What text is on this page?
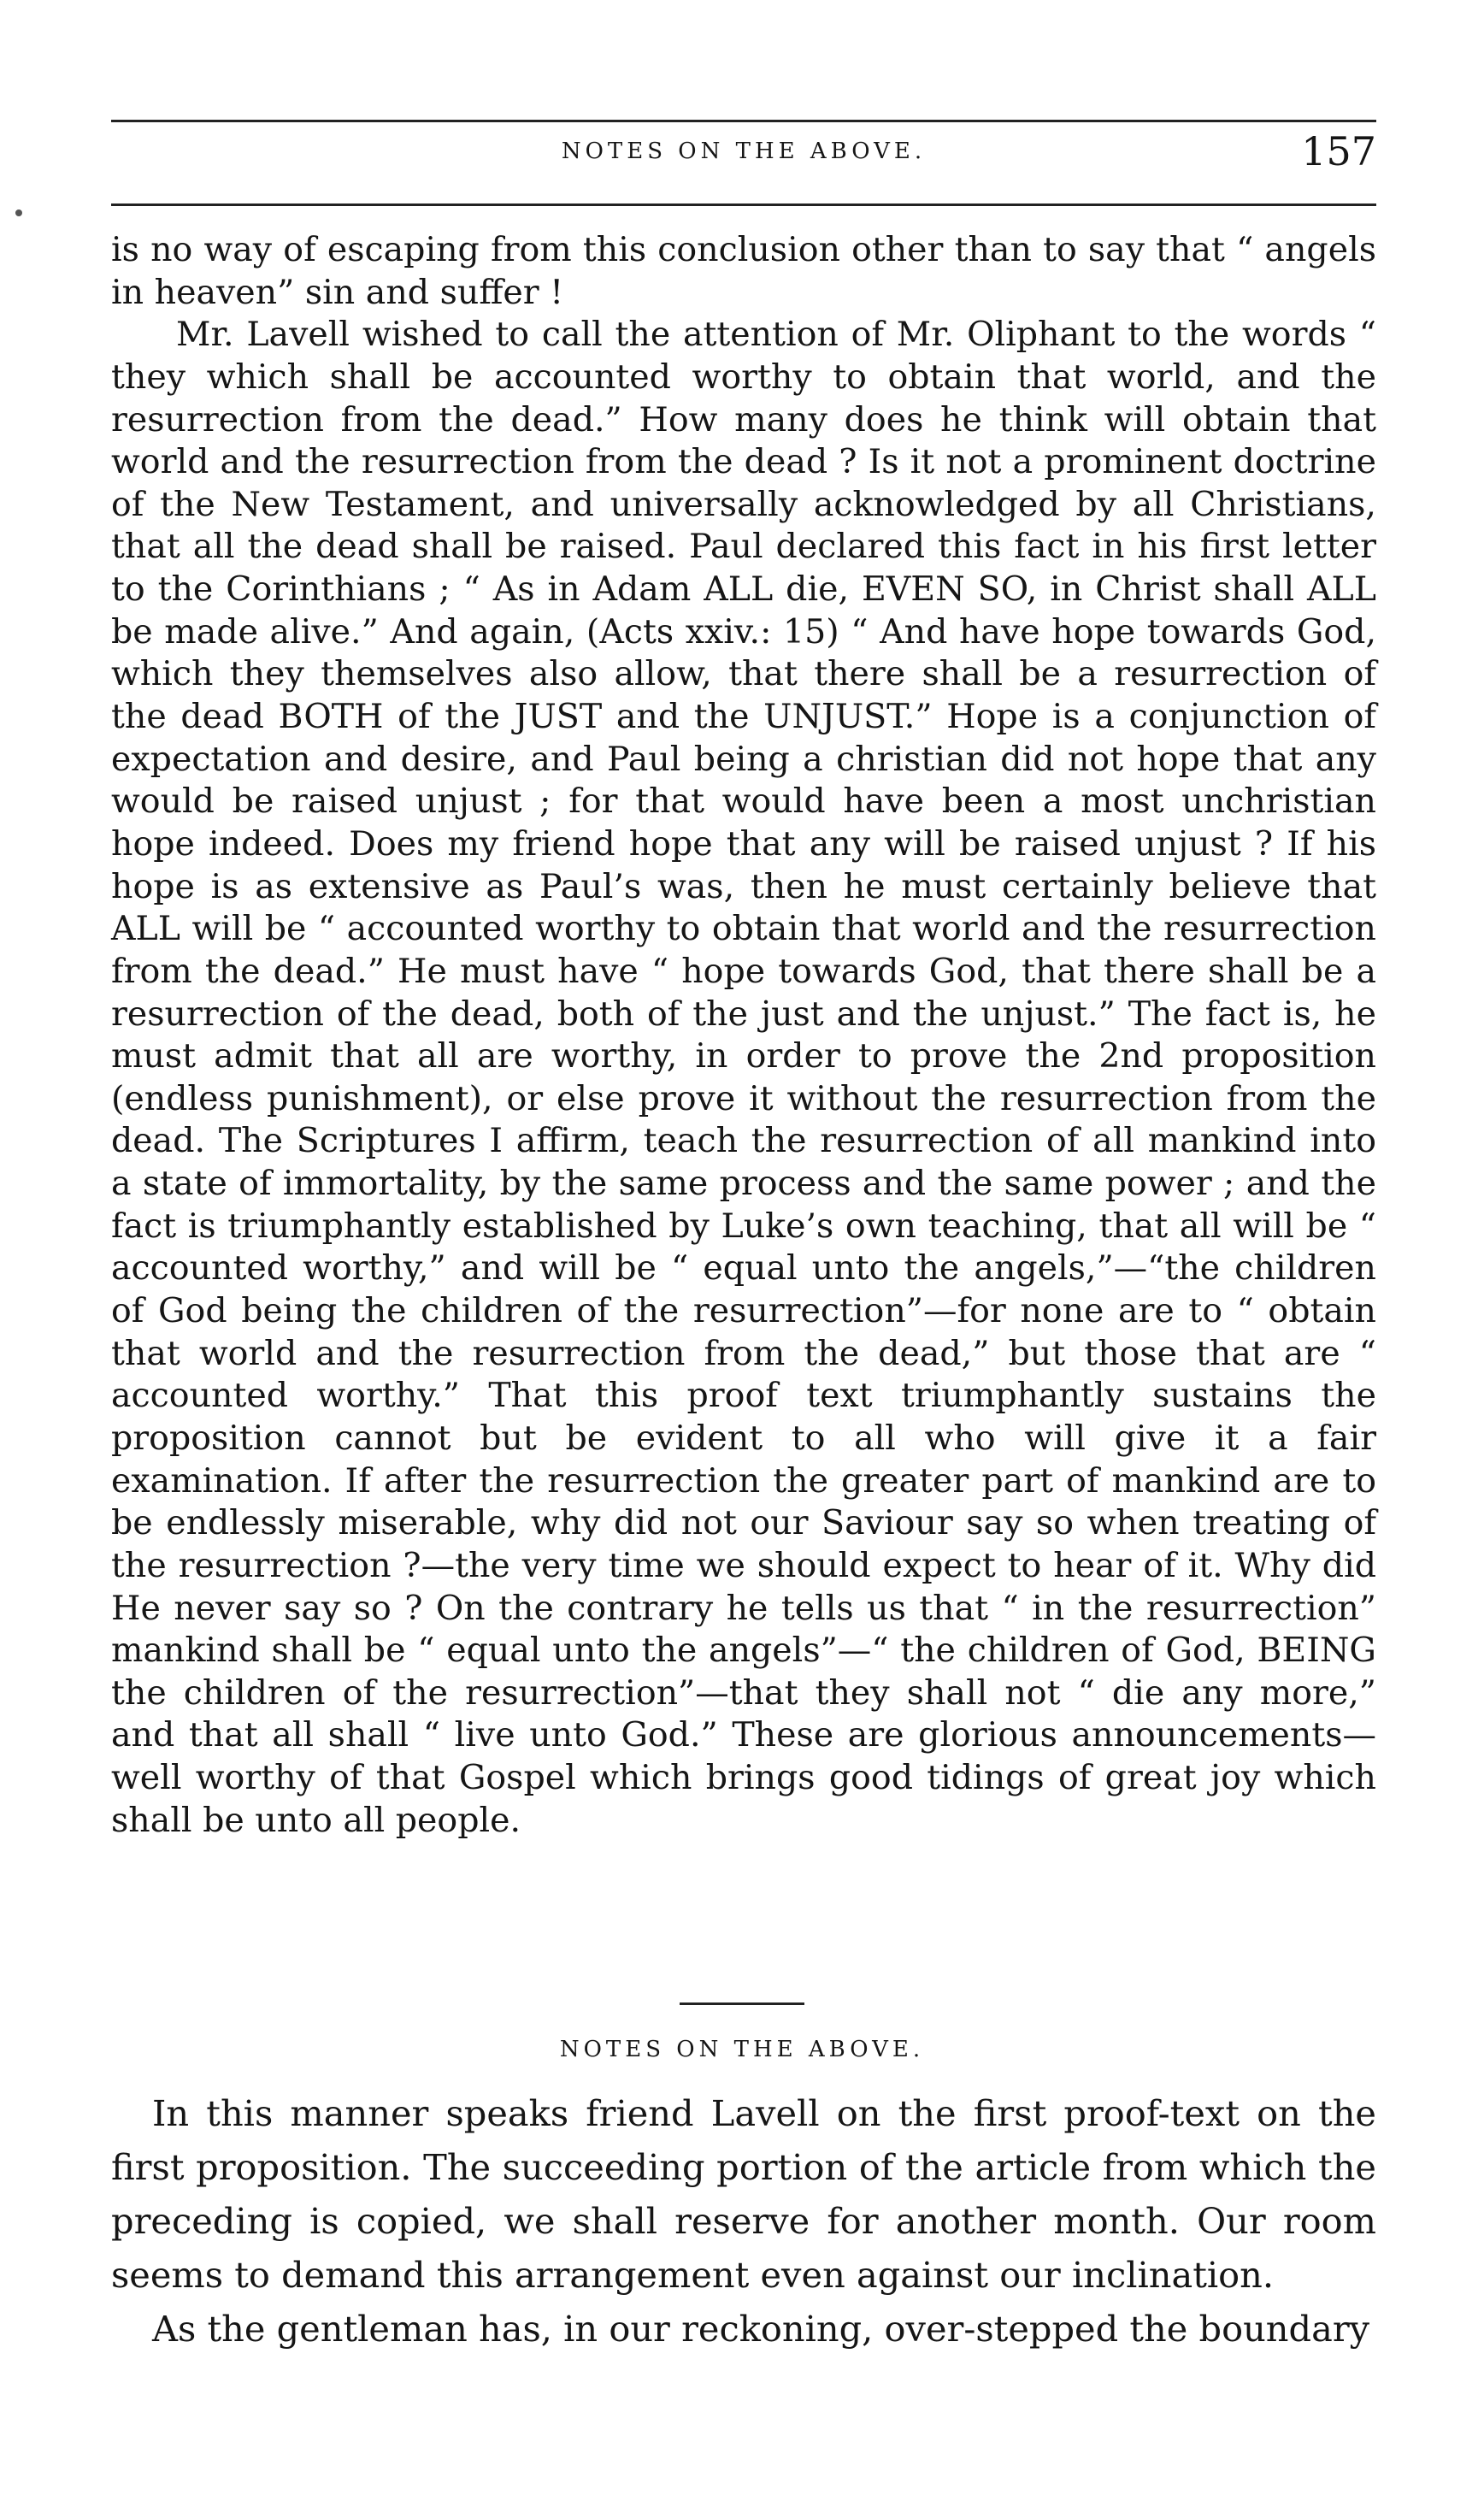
NOTES ON THE ABOVE.	157

is no way of escaping from this conclusion other than to say that “ angels in heaven” sin and suffer !

Mr. Lavell wished to call the attention of Mr. Oliphant to the words “ they which shall be accounted worthy to obtain that world, and the resurrection from the dead.” How many does he think will obtain that world and the resurrection from the dead ? Is it not a prominent doctrine of the New Testament, and universally acknowledged by all Christians, that all the dead shall be raised. Paul declared this fact in his first letter to the Corinthians ; “ As in Adam ALL die, EVEN SO, in Christ shall ALL be made alive.” And again, (Acts xxiv.: 15) “ And have hope towards God, which they themselves also allow, that there shall be a resurrection of the dead BOTH of the JUST and the UNJUST.” Hope is a conjunction of expectation and desire, and Paul being a christian did not hope that any would be raised unjust ; for that would have been a most unchristian hope indeed. Does my friend hope that any will be raised unjust ? If his hope is as extensive as Paul’s was, then he must certainly believe that ALL will be “ accounted worthy to obtain that world and the resurrection from the dead.” He must have “ hope towards God, that there shall be a resurrection of the dead, both of the just and the unjust.” The fact is, he must admit that all are worthy, in order to prove the 2nd proposition (endless punishment), or else prove it without the resurrection from the dead. The Scriptures I affirm, teach the resurrection of all mankind into a state of immortality, by the same process and the same power ; and the fact is triumphantly established by Luke’s own teaching, that all will be “ accounted worthy,” and will be “ equal unto the angels,”—“the children of God being the children of the resurrection”—for none are to “ obtain that world and the resurrection from the dead,” but those that are “ accounted worthy.” That this proof text triumphantly sustains the proposition cannot but be evident to all who will give it a fair examination. If after the resurrection the greater part of mankind are to be endlessly miserable, why did not our Saviour say so when treating of the resurrection ?—the very time we should expect to hear of it. Why did He never say so ? On the contrary he tells us that “ in the resurrection” mankind shall be “ equal unto the angels”—“ the children of God, BEING the children of the resurrection”—that they shall not “ die any more,” and that all shall “ live unto God.” These are glorious announcements—well worthy of that Gospel which brings good tidings of great joy which shall be unto all people.

NOTES ON THE ABOVE.

In this manner speaks friend Lavell on the first proof-text on the first proposition. The succeeding portion of the article from which the preceding is copied, we shall reserve for another month. Our room seems to demand this arrangement even against our inclination.

As the gentleman has, in our reckoning, over-stepped the boundary
